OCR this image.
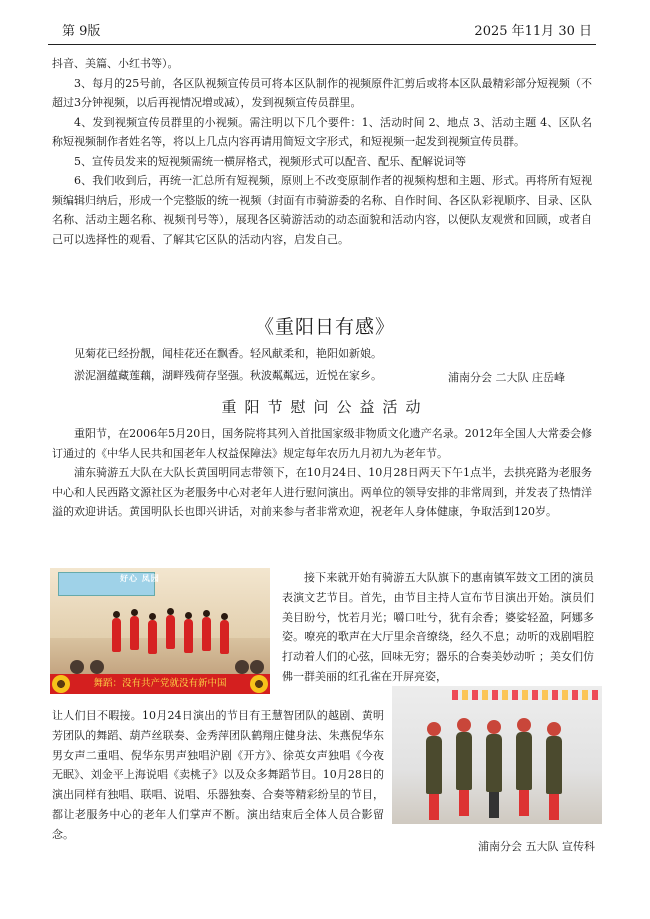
第 9版	2025 年11月 30 日

抖音、美篇、小红书等）。

3、每月的25号前，各区队视频宣传员可将本区队制作的视频原件汇剪后或将本区队最精彩部分短视频（不超过3分钟视频，以后再视情况增或减），发到视频宣传员群里。

4、发到视频宣传员群里的小视频。需注明以下几个要件：1、活动时间 2、地点 3、活动主题 4、区队名称短视频制作者姓名等，将以上几点内容再请用简短文字形式，和短视频一起发到视频宣传员群。

5、宣传员发来的短视频需统一横屏格式，视频形式可以配音、配乐、配解说词等

6、我们收到后，再统一汇总所有短视频，原则上不改变原制作者的视频构想和主题、形式。再将所有短视频编辑归纳后，形成一个完整版的统一视频（封面有市骑游委的名称、自作时间、各区队彩视顺序、目录、区队名称、活动主题名称、视频刊号等），展现各区骑游活动的动态面貌和活动内容，以便队友观赏和回顾，或者自己可以选择性的观看、了解其它区队的活动内容，启发自己。

《重阳日有感》
见菊花已经扮靓，闻桂花还在飘香。轻风献柔和，艳阳如新娘。
淤泥涸蕴藏莲藕，湖畔残荷存坚强。秋波粼粼远，近悦在家乡。	浦南分会 二大队 庄岳峰
重阳节慰问公益活动

重阳节，在2006年5月20日，国务院将其列入首批国家级非物质文化遗产名录。2012年全国人大常委会修订通过的《中华人民共和国老年人权益保障法》规定每年农历九月初九为老年节。

浦东骑游五大队在大队长黄国明同志带领下，在10月24日、10月28日两天下午1点半，去拱亮路为老服务中心和人民西路文源社区为老服务中心对老年人进行慰问演出。两单位的领导安排的非常周到，并发表了热情洋溢的欢迎讲话。黄国明队长也即兴讲话，对前来参与者非常欢迎，祝老年人身体健康，争取活到120岁。

好心 凤园
舞蹈：没有共产党就没有新中国

接下来就开始有骑游五大队旗下的惠南镇军鼓文工团的演员表演文艺节目。首先，由节目主持人宣布节目演出开始。演员们美目盼兮，忱若月光；嚼口吐兮，犹有余香；婆娑轻盈，阿娜多姿。嘹亮的歌声在大厅里余音缭绕，经久不息；动听的戏剧唱腔打动着人们的心弦，回味无穷；器乐的合奏美妙动听 ；美女们仿佛一群美丽的红孔雀在开屏亮姿，

让人们目不暇接。10月24日演出的节目有王慧智团队的越剧、黄明芳团队的舞蹈、葫芦丝联奏、金秀萍团队鹤翔庄健身法、朱燕倪华东男女声二重唱、倪华东男声独唱沪剧《开方》、徐英女声独唱《今夜无眠》、刘金平上海说唱《卖桃子》以及众多舞蹈节目。10月28日的演出同样有独唱、联唱、说唱、乐器独奏、合奏等精彩纷呈的节目，都让老服务中心的老年人们掌声不断。演出结束后全体人员合影留念。

浦南分会 五大队 宣传科
